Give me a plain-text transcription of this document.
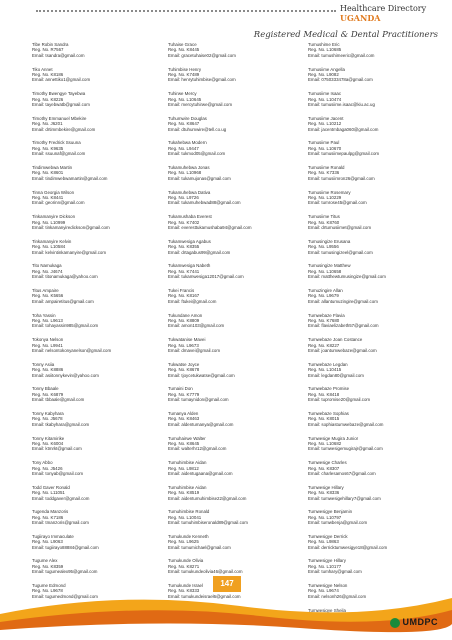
Healthcare Directory UGANDA
Registered Medical & Dental Practitioners
Tibe Robin Sandra
Reg. No. R7567
Email: tsandra@gmail.com
Tiko Annet
Reg. No. K8186
Email: annettiko1@gmail.com
Timothy Bwengye Tayebwa
Reg. No. K8226
Email: tayebwatb@gmail.com
Timothy Emmanuel Mbekire
Reg. No. J6201
Email: drtimmbekire@gmail.com
Timothy Fredrick Ssuuna
Reg. No. K9635
Email: ssuunaf@gmail.com
Tindimwebwa Martin
Reg. No. K8601
Email: tindimwebwamartin@gmail.com
Tinna Georgia Wilson
Reg. No. K8441
Email: georinn@gmail.com
Tinkamanyire Dickson
Reg. No. L10999
Email: tinkamanyiredickson@gmail.com
Tinkamanyire Kelvin
Reg. No. L10584
Email: kelvintinkamanyire@gmail.com
Tito Namukaga
Reg. No. J4674
Email: titonamukaga@yahoo.com
Titus Ampaire
Reg. No. K5656
Email: ampairetitus@gmail.com
Toha Yassin
Reg. No. L9613
Email: tohayassin985@gmail.com
Tokonya Nelson
Reg. No. L9941
Email: nelsontokonyanelson@gmail.com
Tonny Asiia
Reg. No. K8886
Email: asiitonnykevin@yahoo.com
Tonny Bbaale
Reg. No. K6879
Email: tbbaale@gmail.com
Tonny Kabyhara
Reg. No. J5678
Email: tkabyhara@gmail.com
Tonny Kitamirike
Reg. No. K6004
Email: ktmrkt@gmail.com
Tony Abbo
Reg. No. J5426
Email: tonyab@gmail.com
Todd Gaver Ronald
Reg. No. L11051
Email: toddgaver@gmail.com
Tugenda Manzoris
Reg. No. K7186
Email: tmanzoris@gmail.com
Tugiirayo Immaculate
Reg. No. L9063
Email: tugiirayo88884@gmail.com
Tugume Alex
Reg. No. K8359
Email: tugumealex95@gmail.com
Tugume Edmond
Reg. No. L9678
Email: tugumedmond@gmail.com
Tuhaise Grace
Reg. No. K8445
Email: gracetuhaise02@gmail.com
Tuhimbise Henry
Reg. No. K7489
Email: henrytuhimbise@gmail.com
Tuhirwe Mercy
Reg. No. L10645
Email: mercytuhirwe@gmail.com
Tuhumwire Douglas
Reg. No. K8647
Email: dtuhumwire@tell.co.ug
Tukahebwa Modern
Reg. No. L9447
Email: tukmod05@gmail.com
Tukamuhebwa Jonas
Reg. No. L10968
Email: tukamujonas@gmail.com
Tukamuhebwa Dativa
Reg. No. L9726
Email: tukamuhebwad88@gmail.com
Tukamushaba Everest
Reg. No. K7402
Email: everesttukamushaba94@gmail.com
Tukamwesiga Agabus
Reg. No. K8355
Email: drtagabus99@gmail.com
Tukamwesiga Nabeth
Reg. No. K7441
Email: tukamwesiga12017@gmail.com
Tukei Francis
Reg. No. K8167
Email: ftukei@gmail.com
Tukundane Amon
Reg. No. K8809
Email: amon103@gmail.com
Tukwatanise Mavei
Reg. No. L9673
Email: dmavei@gmail.com
Tukwatse Joyce
Reg. No. K8678
Email: tjoycetukwatse@gmail.com
Tumaini Don
Reg. No. K7779
Email: tumaynidon@gmail.com
Tumanya Alden
Reg. No. K8463
Email: aldentumanya@gmail.com
Tumuhairwe Walter
Reg. No. K8645
Email: walterhr12@gmail.com
Tumuhimbise Aidan
Reg. No. L9812
Email: aidentugaana@gmail.com
Tumuhimbise Aidan
Reg. No. K8519
Email: aidentumuhimbise22@gmail.com
Tumuhimbise Ronald
Reg. No. L10041
Email: tumuhimbiseronald89@gmail.com
Tumukunde Kenneth
Reg. No. L9625
Email: tumumichael@gmail.com
Tumukunde Olivia
Reg. No. K8271
Email: tumukundeolivia46@gmail.com
Tumukunde Israel
Reg. No. K8333
Email: tumukundeisrael6@gmail.com
Tumushime Eric
Reg. No. L10685
Email: tumushimeeric@gmail.com
Tumusiime Angella
Reg. No. L9082
Email: 0750333478a@gmail.com
Tumusiime Isaac
Reg. No. L10474
Email: tumusiime.isaac@kiu.ac.ug
Tumusiime Jacent
Reg. No. L10212
Email: jacentmbaga060@gmail.com
Tumusiime Paul
Reg. No. L10670
Email: tumusiimepaulpg@gmail.com
Tumusiime Ronald
Reg. No. K7336
Email: tumusiimron26@gmail.com
Tumusiime Rosemary
Reg. No. L10229
Email: tumrose45@gmail.com
Tumusiime Titus
Reg. No. K8760
Email: drtumusiimet@gmail.com
Tumusingize Erusana
Reg. No. L9556
Email: tumusingizeel@gmail.com
Tumusingize Matthew
Reg. No. L10658
Email: matthewtumusingize@gmail.com
Tumuzingire Allan
Reg. No. L9679
Email: allantumuzingire@gmail.com
Tumwebaze Flavia
Reg. No. K7680
Email: flaviaelizabeth57@gmail.com
Tumwebaze Joan Costance
Reg. No. K8227
Email: joantumwebaze@gmail.com
Tumwebaze Legdan
Reg. No. L10415
Email: legdan80@gmail.com
Tumwebaze Promise
Reg. No. K8418
Email: tupromise20@gmail.com
Tumwebaze Sophias
Reg. No. K8015
Email: sophiastumwebaze@gmail.com
Tumwesige Mugira Junior
Reg. No. L10682
Email: tumwesigemugirajr@gmail.com
Tumwesige Charles
Reg. No. K8307
Email: charlesamos67@gmail.com
Tumwesige Hillary
Reg. No. K8336
Email: tumwesigehillary7@gmail.com
Tumwesigye Benjamin
Reg. No. L10797
Email: tumwbenja@gmail.com
Tumwesigye Derrick
Reg. No. L9863
Email: derricktumwesigye18@gmail.com
Tumwesigye Hillary
Reg. No. L10177
Email: tumhary@gmail.com
Tumwesigye Nelson
Reg. No. L9674
Email: nelsonh26@gmail.com
Tumwesigye Sheila
147
UMDPC
